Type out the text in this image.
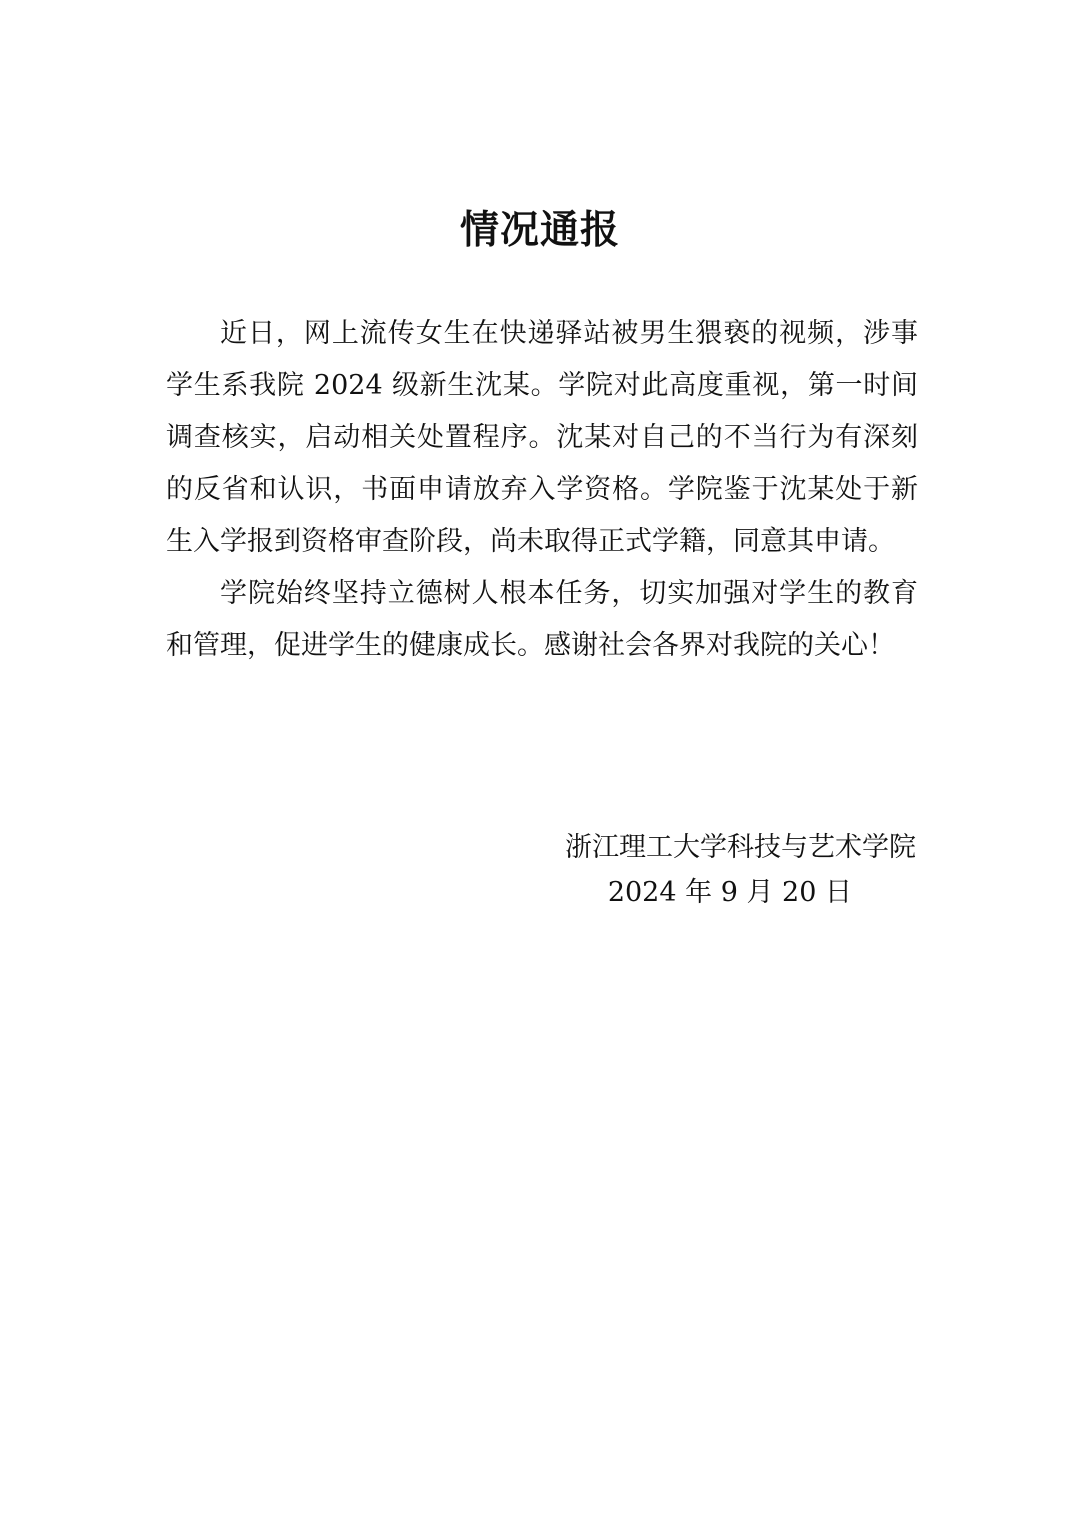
情况通报

近日，网上流传女生在快递驿站被男生猥亵的视频，涉事学生系我院 2024 级新生沈某。学院对此高度重视，第一时间调查核实，启动相关处置程序。沈某对自己的不当行为有深刻的反省和认识，书面申请放弃入学资格。学院鉴于沈某处于新生入学报到资格审查阶段，尚未取得正式学籍，同意其申请。

学院始终坚持立德树人根本任务，切实加强对学生的教育和管理，促进学生的健康成长。感谢社会各界对我院的关心！

浙江理工大学科技与艺术学院
2024 年 9 月 20 日
